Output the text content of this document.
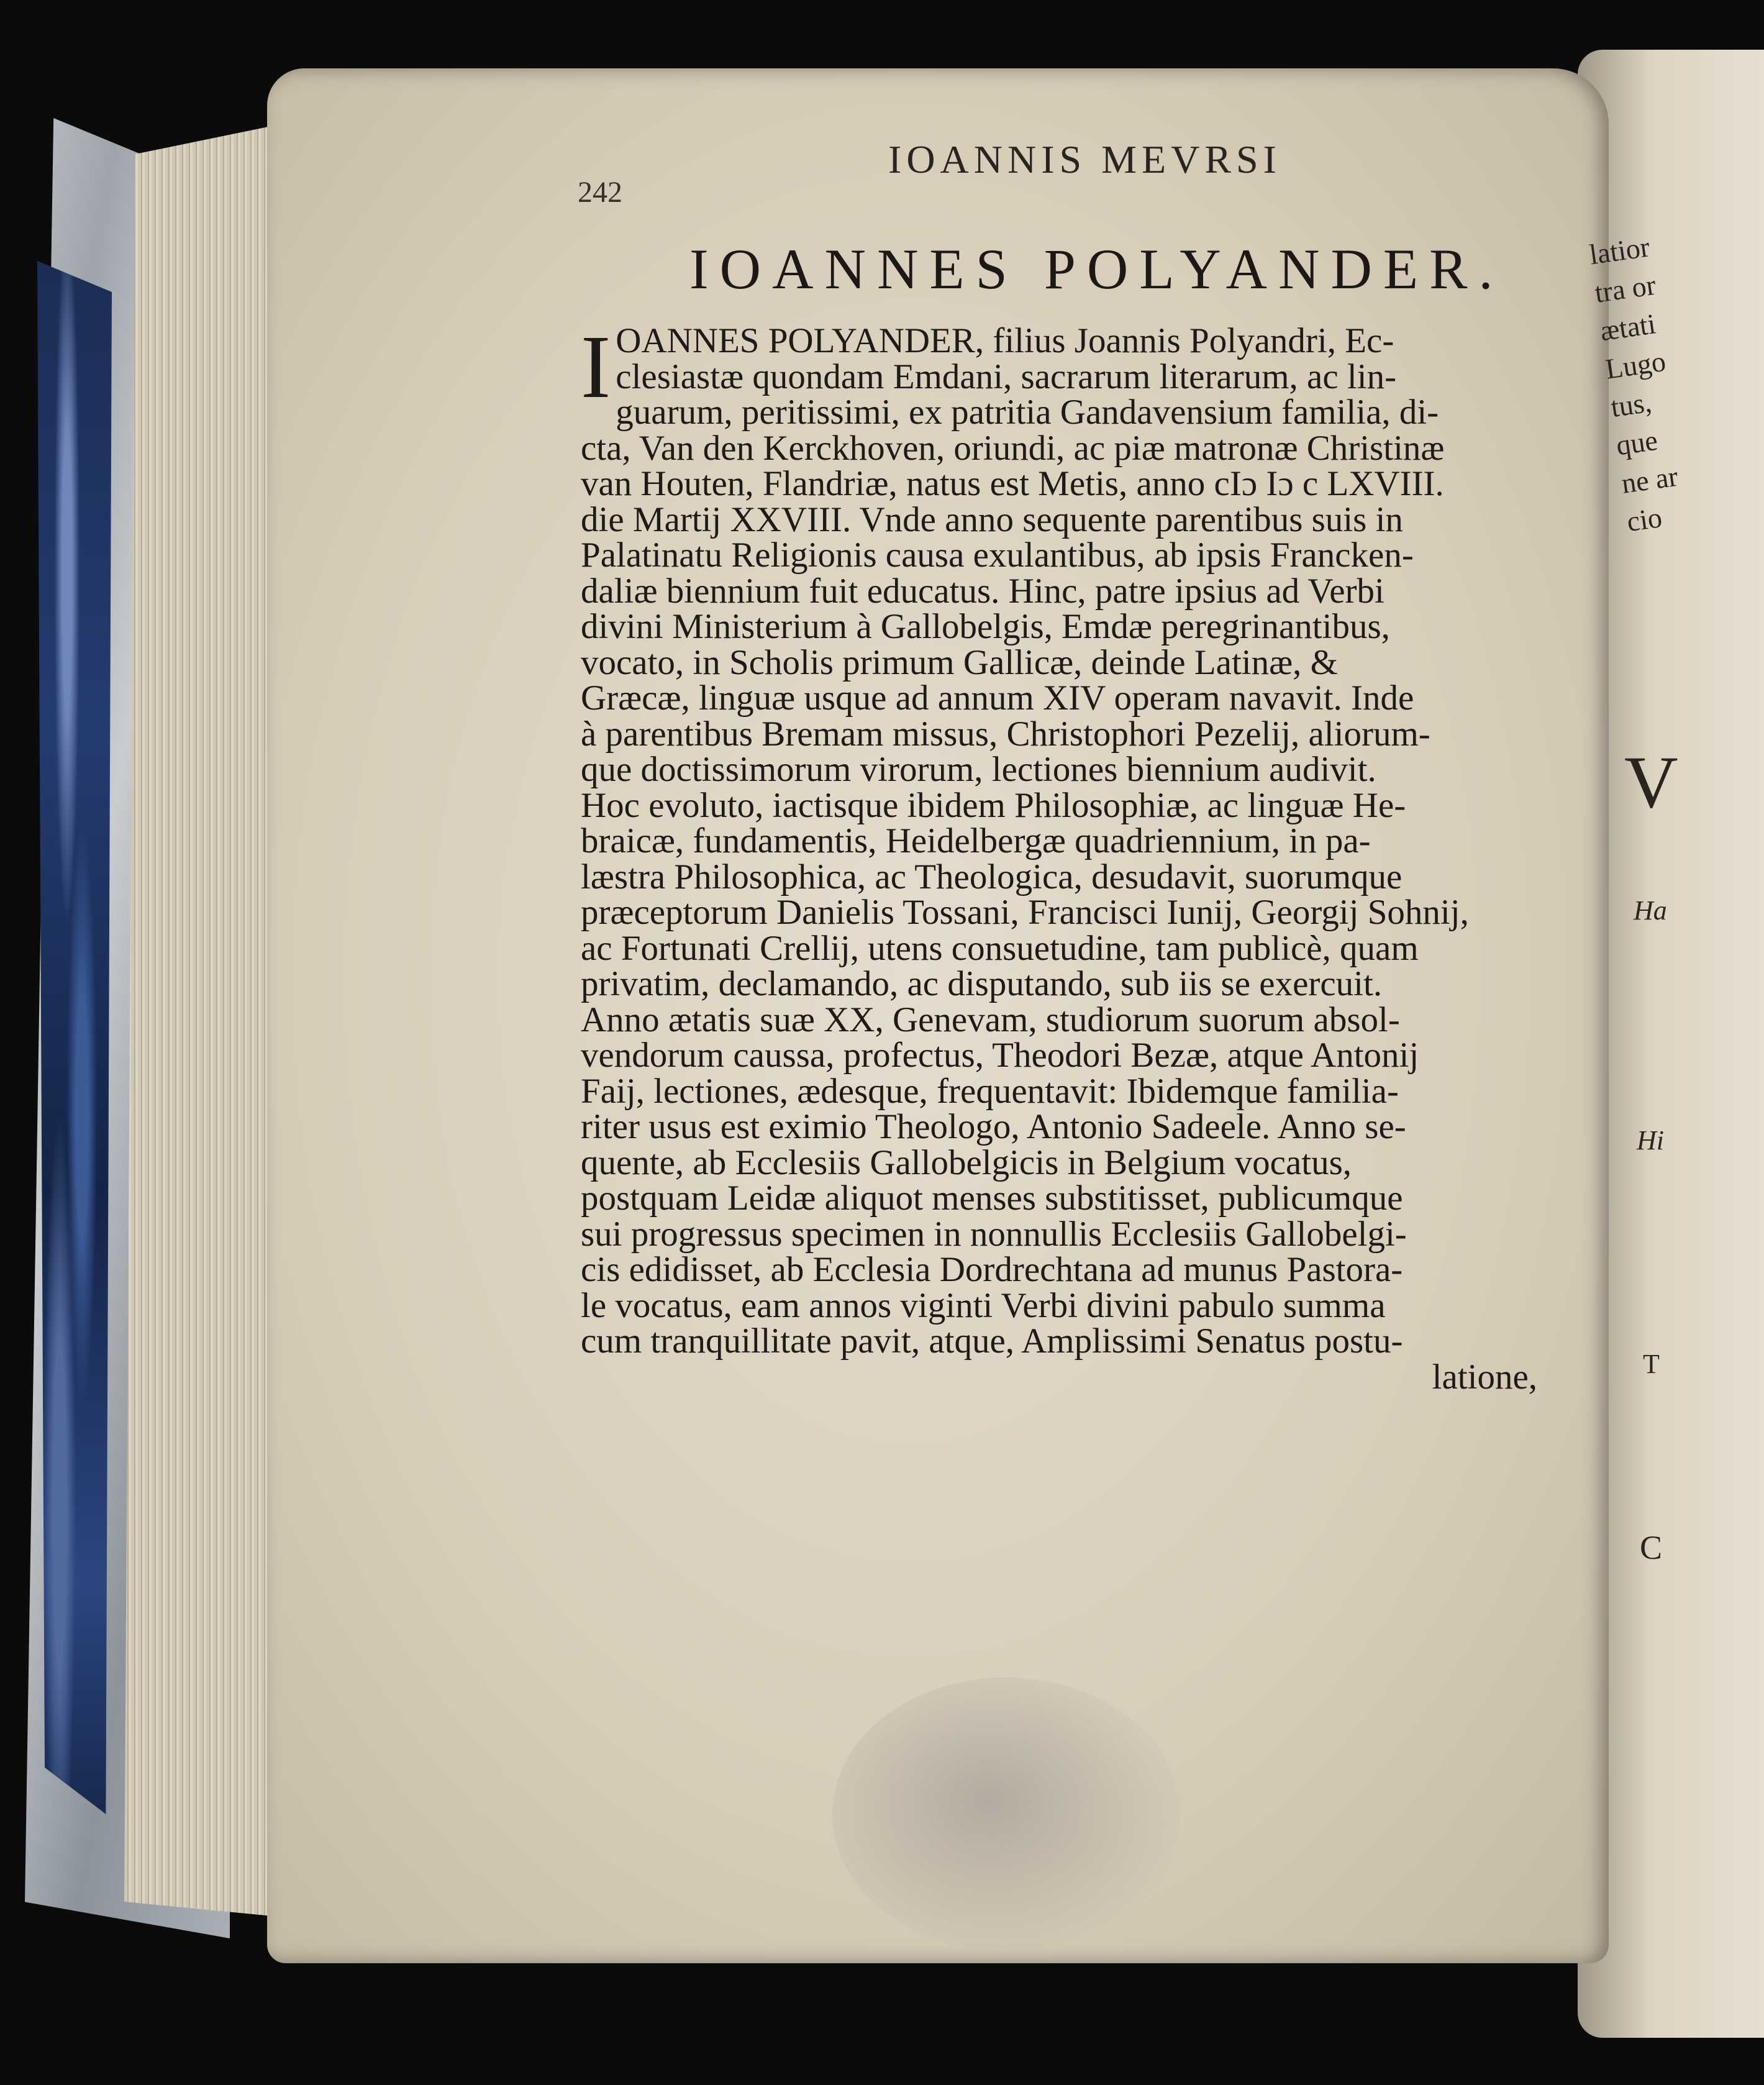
242
IOANNIS MEVRSI
IOANNES POLYANDER.
I OANNES POLYANDER, filius Joannis Polyandri, Ec-
clesiastæ quondam Emdani, sacrarum literarum, ac lin-
guarum, peritissimi, ex patritia Gandavensium familia, di-
cta, Van den Kerckhoven, oriundi, ac piæ matronæ Christinæ
van Houten, Flandriæ, natus est Metis, anno cIɔ Iɔ c LXVIII.
die Martij XXVIII. Vnde anno sequente parentibus suis in
Palatinatu Religionis causa exulantibus, ab ipsis Francken-
daliæ biennium fuit educatus. Hinc, patre ipsius ad Verbi
divini Ministerium à Gallobelgis, Emdæ peregrinantibus,
vocato, in Scholis primum Gallicæ, deinde Latinæ, &
Græcæ, linguæ usque ad annum XIV operam navavit. Inde
à parentibus Bremam missus, Christophori Pezelij, aliorum-
que doctissimorum virorum, lectiones biennium audivit.
Hoc evoluto, iactisque ibidem Philosophiæ, ac linguæ He-
braicæ, fundamentis, Heidelbergæ quadriennium, in pa-
læstra Philosophica, ac Theologica, desudavit, suorumque
præceptorum Danielis Tossani, Francisci Iunij, Georgij Sohnij,
ac Fortunati Crellij, utens consuetudine, tam publicè, quam
privatim, declamando, ac disputando, sub iis se exercuit.
Anno ætatis suæ XX, Genevam, studiorum suorum absol-
vendorum caussa, profectus, Theodori Bezæ, atque Antonij
Faij, lectiones, ædesque, frequentavit: Ibidemque familia-
riter usus est eximio Theologo, Antonio Sadeele. Anno se-
quente, ab Ecclesiis Gallobelgicis in Belgium vocatus,
postquam Leidæ aliquot menses substitisset, publicumque
sui progressus specimen in nonnullis Ecclesiis Gallobelgi-
cis edidisset, ab Ecclesia Dordrechtana ad munus Pastora-
le vocatus, eam annos viginti Verbi divini pabulo summa
cum tranquillitate pavit, atque, Amplissimi Senatus postu-
latione,
latior
tra or
ætati
Lugo
tus,
que
ne ar
cio
V
Ha
Hi
T
C
